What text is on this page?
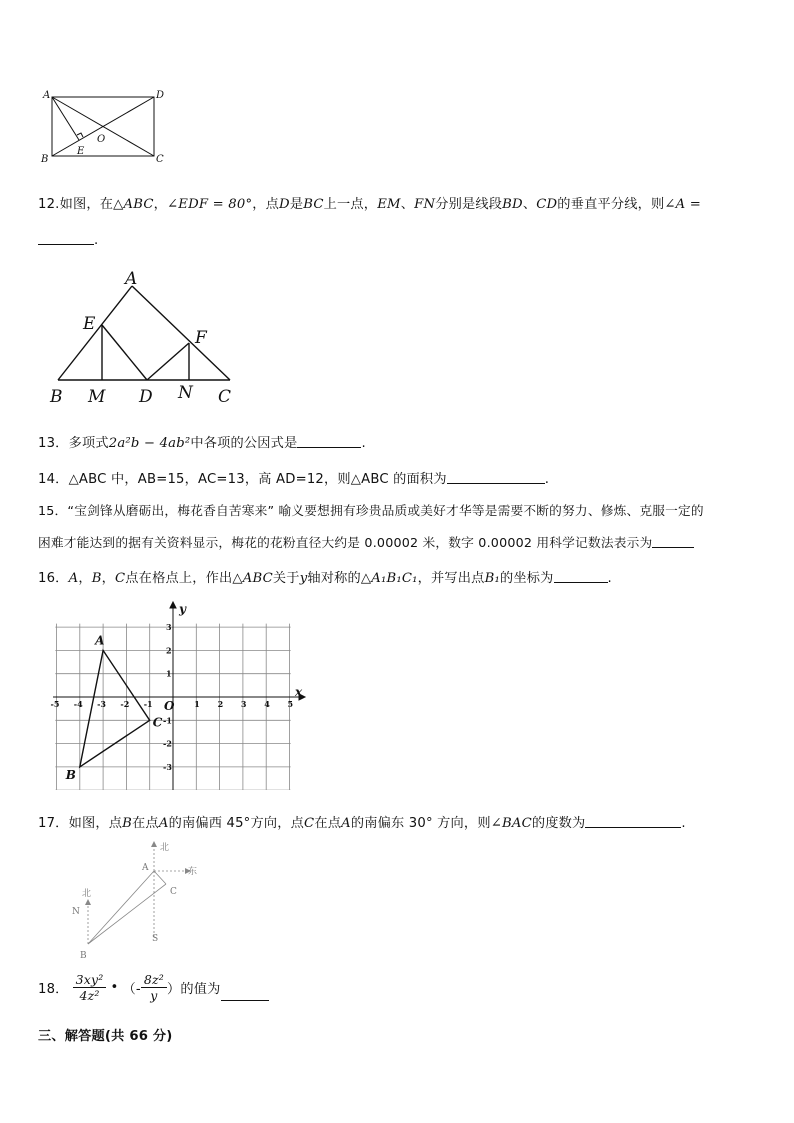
A	D
O
E
B	C
12.如图，在△ABC，∠EDF = 80°，点D是BC上一点，EM、FN分别是线段BD、CD的垂直平分线，则∠A =
.
A
E
F
B M D N C
13．多项式2a²b − 4ab²中各项的公因式是	.
14．△ABC 中，AB=15，AC=13，高 AD=12，则△ABC 的面积为	.
15．“宝剑锋从磨砺出，梅花香自苦寒来” 喻义要想拥有珍贵品质或美好才华等是需要不断的努力、修炼、克服一定的
困难才能达到的据有关资料显示，梅花的花粉直径大约是 0.00002 米，数字 0.00002 用科学记数法表示为
16．A，B，C点在格点上，作出△ABC关于y轴对称的△A₁B₁C₁，并写出点B₁的坐标为	.
x
y
O
-5 -4 -3 -2 -1	1 2 3 4 5
3
2
1
-1
-2
-3
A
B
C
17．如图，点B在点A的南偏西 45°方向，点C在点A的南偏东 30° 方向，则∠BAC的度数为	.
北
A	东
C
北
N
S
B
18． $\frac{\text{3xy²}}{\text{4z²}}$ • （- $\frac{\text{8z²}}{y}$ ） 的值为
三、解答题(共 66 分)
